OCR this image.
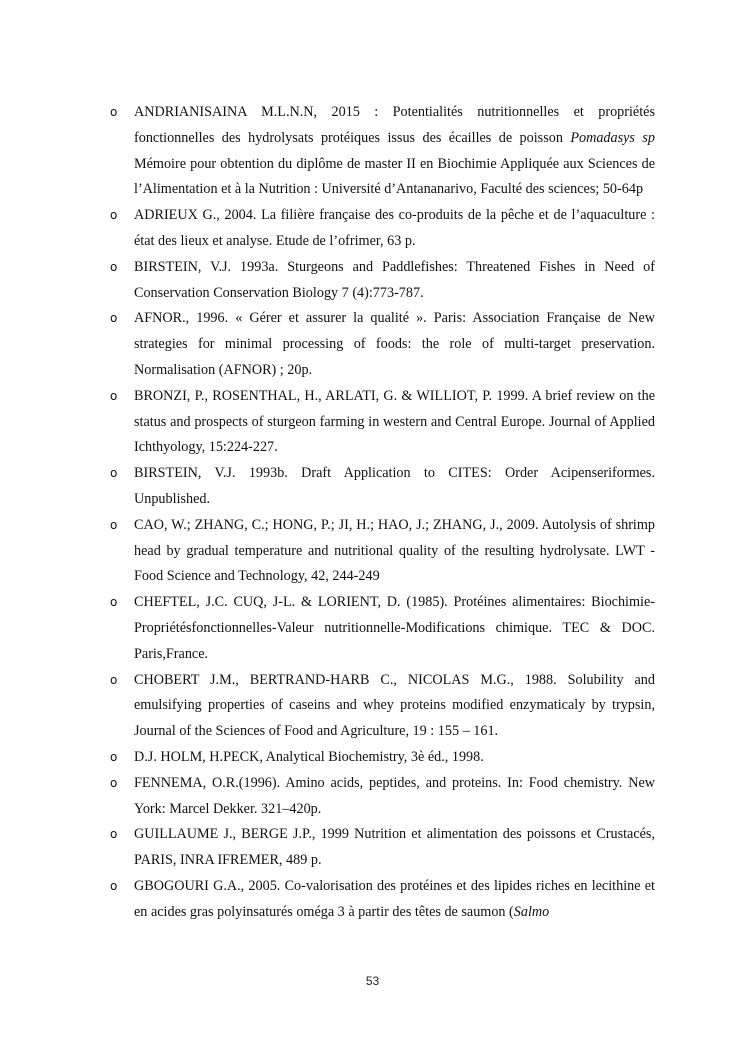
o ANDRIANISAINA M.L.N.N, 2015 : Potentialités nutritionnelles et propriétés fonctionnelles des hydrolysats protéiques issus des écailles de poisson Pomadasys sp Mémoire pour obtention du diplôme de master II en Biochimie Appliquée aux Sciences de l’Alimentation et à la Nutrition : Université d’Antananarivo, Faculté des sciences; 50-64p
o ADRIEUX G., 2004. La filière française des co-produits de la pêche et de l’aquaculture : état des lieux et analyse. Etude de l’ofrimer, 63 p.
o BIRSTEIN, V.J. 1993a. Sturgeons and Paddlefishes: Threatened Fishes in Need of Conservation Conservation Biology 7 (4):773-787.
o AFNOR., 1996. « Gérer et assurer la qualité ». Paris: Association Française de New strategies for minimal processing of foods: the role of multi-target preservation. Normalisation (AFNOR) ; 20p.
o BRONZI, P., ROSENTHAL, H., ARLATI, G. & WILLIOT, P. 1999. A brief review on the status and prospects of sturgeon farming in western and Central Europe. Journal of Applied Ichthyology, 15:224-227.
o BIRSTEIN, V.J. 1993b. Draft Application to CITES: Order Acipenseriformes. Unpublished.
o CAO, W.; ZHANG, C.; HONG, P.; JI, H.; HAO, J.; ZHANG, J., 2009. Autolysis of shrimp head by gradual temperature and nutritional quality of the resulting hydrolysate. LWT - Food Science and Technology, 42, 244-249
o CHEFTEL, J.C. CUQ, J-L. & LORIENT, D. (1985). Protéines alimentaires: Biochimie-Propriétésfonctionnelles-Valeur nutritionnelle-Modifications chimique. TEC & DOC. Paris,France.
o CHOBERT J.M., BERTRAND-HARB C., NICOLAS M.G., 1988. Solubility and emulsifying properties of caseins and whey proteins modified enzymaticaly by trypsin, Journal of the Sciences of Food and Agriculture, 19 : 155 – 161.
o D.J. HOLM, H.PECK, Analytical Biochemistry, 3è éd., 1998.
o FENNEMA, O.R.(1996). Amino acids, peptides, and proteins. In: Food chemistry. New York: Marcel Dekker. 321–420p.
o GUILLAUME J., BERGE J.P., 1999 Nutrition et alimentation des poissons et Crustacés, PARIS, INRA IFREMER, 489 p.
o GBOGOURI G.A., 2005. Co-valorisation des protéines et des lipides riches en lecithine et en acides gras polyinsaturés oméga 3 à partir des têtes de saumon (Salmo
53
